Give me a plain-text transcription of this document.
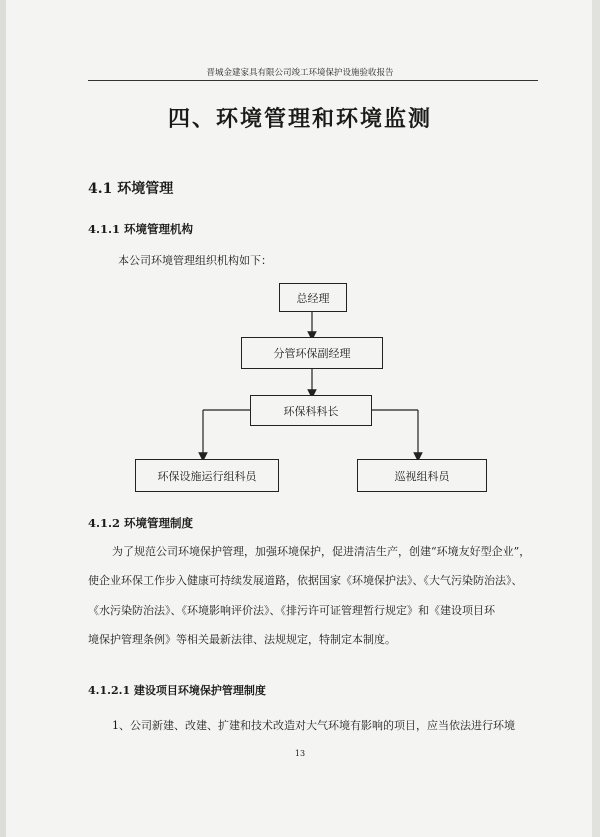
晋城金建家具有限公司竣工环境保护设施验收报告
四、环境管理和环境监测
4.1 环境管理
4.1.1 环境管理机构
本公司环境管理组织机构如下：
总经理
分管环保副经理
环保科科长
环保设施运行组科员	巡视组科员
4.1.2 环境管理制度
为了规范公司环境保护管理，加强环境保护，促进清洁生产，创建“环境友好型企业”，
使企业环保工作步入健康可持续发展道路，依据国家《环境保护法》、《大气污染防治法》、
《水污染防治法》、《环境影响评价法》、《排污许可证管理暂行规定》和《建设项目环
境保护管理条例》等相关最新法律、法规规定，特制定本制度。
4.1.2.1 建设项目环境保护管理制度
1、公司新建、改建、扩建和技术改造对大气环境有影响的项目，应当依法进行环境
13
